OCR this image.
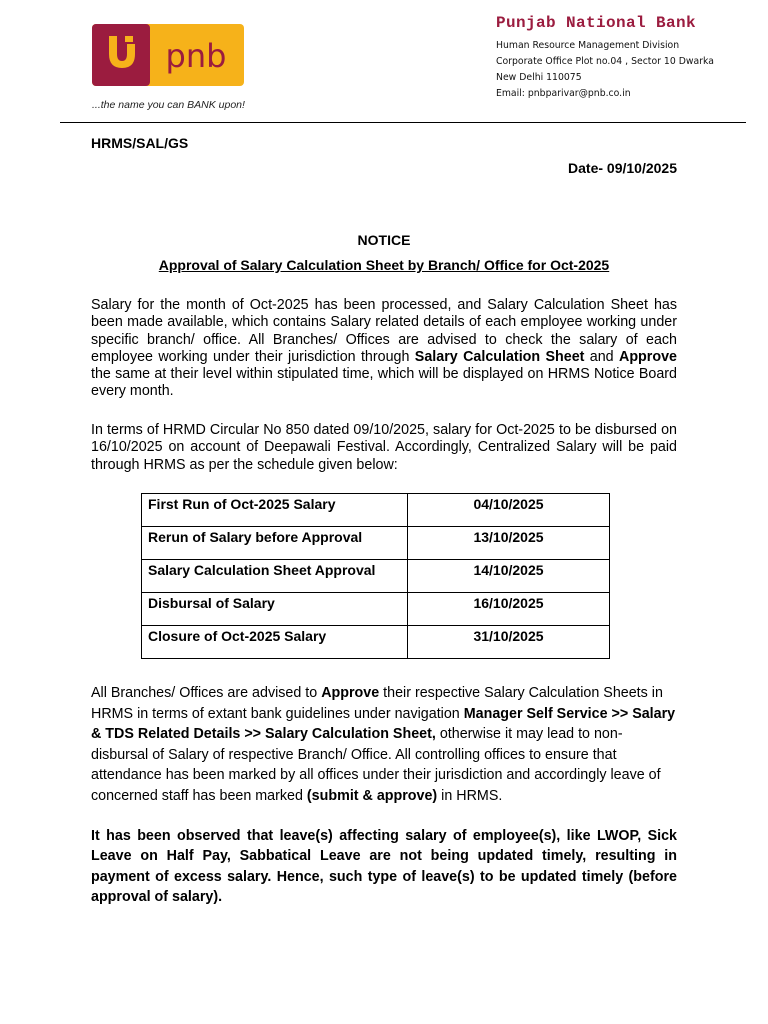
pnb
...the name you can BANK upon!
Punjab National Bank
Human Resource Management Division
Corporate Office Plot no.04 , Sector 10 Dwarka
New Delhi 110075
Email: pnbparivar@pnb.co.in
HRMS/SAL/GS
Date- 09/10/2025
NOTICE
Approval of Salary Calculation Sheet by Branch/ Office for Oct-2025
Salary for the month of Oct-2025 has been processed, and Salary Calculation Sheet has been made available, which contains Salary related details of each employee working under specific branch/ office. All Branches/ Offices are advised to check the salary of each employee working under their jurisdiction through Salary Calculation Sheet and Approve the same at their level within stipulated time, which will be displayed on HRMS Notice Board every month.
In terms of HRMD Circular No 850 dated 09/10/2025, salary for Oct-2025 to be disbursed on 16/10/2025 on account of Deepawali Festival. Accordingly, Centralized Salary will be paid through HRMS as per the schedule given below:
First Run of Oct-2025 Salary	04/10/2025
Rerun of Salary before Approval	13/10/2025
Salary Calculation Sheet Approval	14/10/2025
Disbursal of Salary	16/10/2025
Closure of Oct-2025 Salary	31/10/2025
All Branches/ Offices are advised to Approve their respective Salary Calculation Sheets in HRMS in terms of extant bank guidelines under navigation Manager Self Service >> Salary & TDS Related Details >> Salary Calculation Sheet, otherwise it may lead to non-disbursal of Salary of respective Branch/ Office. All controlling offices to ensure that attendance has been marked by all offices under their jurisdiction and accordingly leave of concerned staff has been marked (submit & approve) in HRMS.
It has been observed that leave(s) affecting salary of employee(s), like LWOP, Sick Leave on Half Pay, Sabbatical Leave are not being updated timely, resulting in payment of excess salary. Hence, such type of leave(s) to be updated timely (before approval of salary).
